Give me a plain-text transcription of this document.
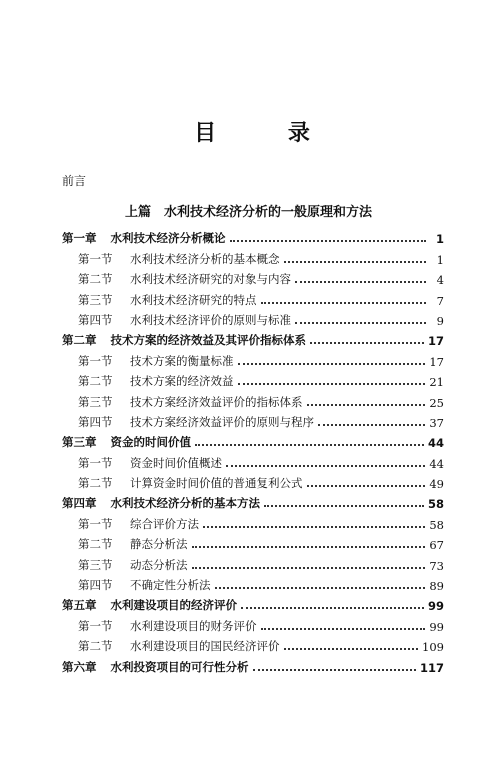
目 录
前言
上篇　水利技术经济分析的一般原理和方法
第一章	水利技术经济分析概论	1
第一节	水利技术经济分析的基本概念	1
第二节	水利技术经济研究的对象与内容	4
第三节	水利技术经济研究的特点	7
第四节	水利技术经济评价的原则与标准	9
第二章	技术方案的经济效益及其评价指标体系	17
第一节	技术方案的衡量标准	17
第二节	技术方案的经济效益	21
第三节	技术方案经济效益评价的指标体系	25
第四节	技术方案经济效益评价的原则与程序	37
第三章	资金的时间价值	44
第一节	资金时间价值概述	44
第二节	计算资金时间价值的普通复利公式	49
第四章	水利技术经济分析的基本方法	58
第一节	综合评价方法	58
第二节	静态分析法	67
第三节	动态分析法	73
第四节	不确定性分析法	89
第五章	水利建设项目的经济评价	99
第一节	水利建设项目的财务评价	99
第二节	水利建设项目的国民经济评价	109
第六章	水利投资项目的可行性分析	117
